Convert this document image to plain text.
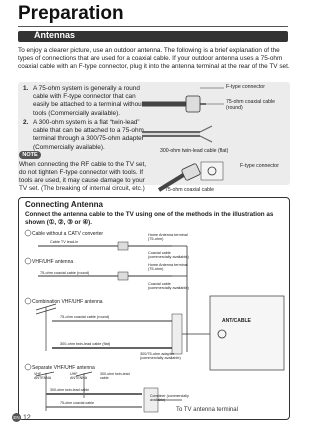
Preparation
Antennas
To enjoy a clearer picture, use an outdoor antenna. The following is a brief explanation of the types of connections that are used for a coaxial cable. If your outdoor antenna uses a 75-ohm coaxial cable with an F-type connector, plug it into the antenna terminal at the rear of the TV set.
1. A 75-ohm system is generally a round cable with F-type connector that can easily be attached to a terminal without tools (Commercially available).
2. A 300-ohm system is a flat “twin-lead” cable that can be attached to a 75-ohm terminal through a 300/75-ohm adapter (Commercially available).
F-type connector
75-ohm coaxial cable (round)
300-ohm twin-lead cable (flat)
F-type connector
75-ohm coaxial cable
NOTE
When connecting the RF cable to the TV set, do not tighten F-type connector with tools. If tools are used, it may cause damage to your TV set. (The breaking of internal circuit, etc.)
Connecting Antenna
Connect the antenna cable to the TV using one of the methods in the illustration as shown (①, ②, ③ or ④).
Cable without a CATV converter
VHF/UHF antenna
Combination VHF/UHF antenna
Separate VHF/UHF antenna
Cable TV lead-in
Home Antenna terminal (75-ohm)
Coaxial cable (commercially available)
75-ohm coaxial cable (round)
Home Antenna terminal (75-ohm)
Coaxial cable (commercially available)
75-ohm coaxial cable (round)
300-ohm twin-lead cable (flat)
300/75-ohm adapter (commercially available)
ANT/CABLE
VHF ANTENNA
UHF ANTENNA
300-ohm twin-lead cable
300-ohm twin-lead cable
75-ohm coaxial cable
Combiner (commercially available)
To TV antenna terminal
EN 12
